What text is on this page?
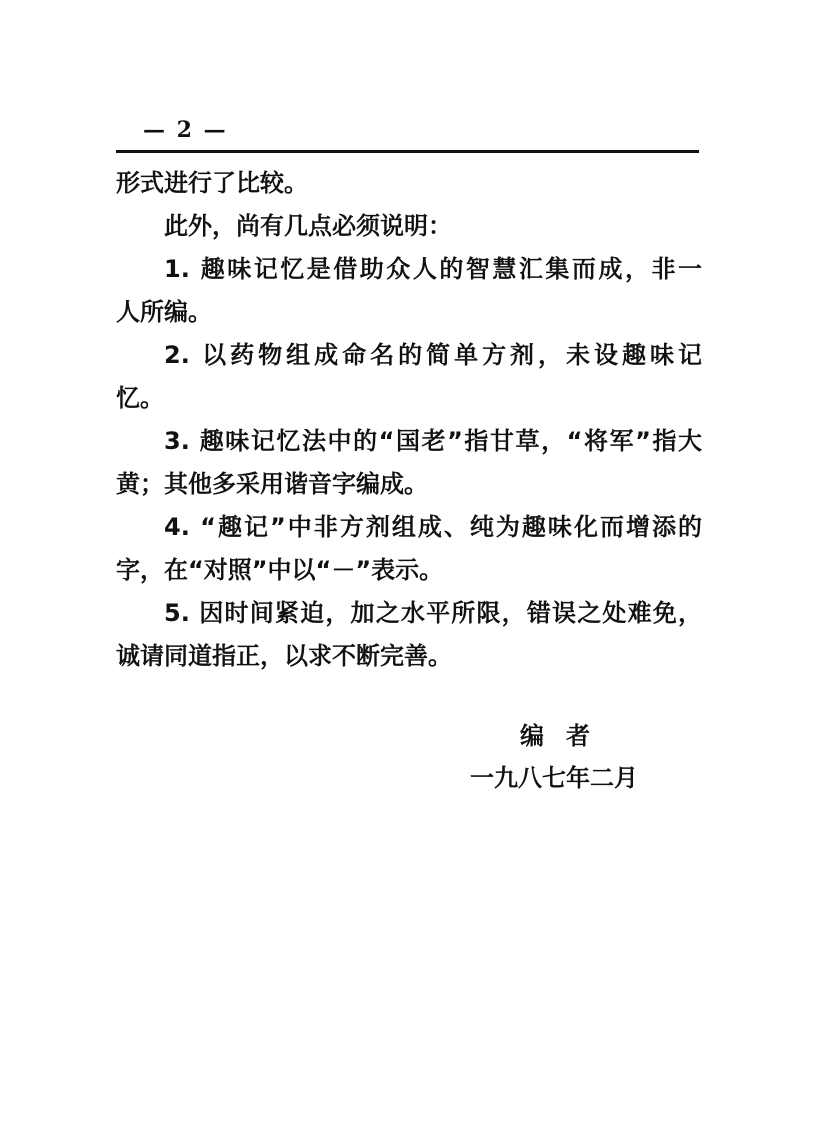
— 2 —
形式进行了比较。
此外，尚有几点必须说明：
1. 趣味记忆是借助众人的智慧汇集而成，非一
人所编。
2. 以药物组成命名的简单方剂，未设趣味记
忆。
3. 趣味记忆法中的“国老”指甘草，“将军”指大
黄；其他多采用谐音字编成。
4. “趣记”中非方剂组成、纯为趣味化而增添的
字，在“对照”中以“－”表示。
5. 因时间紧迫，加之水平所限，错误之处难免，
诚请同道指正，以求不断完善。
编者
一九八七年二月
